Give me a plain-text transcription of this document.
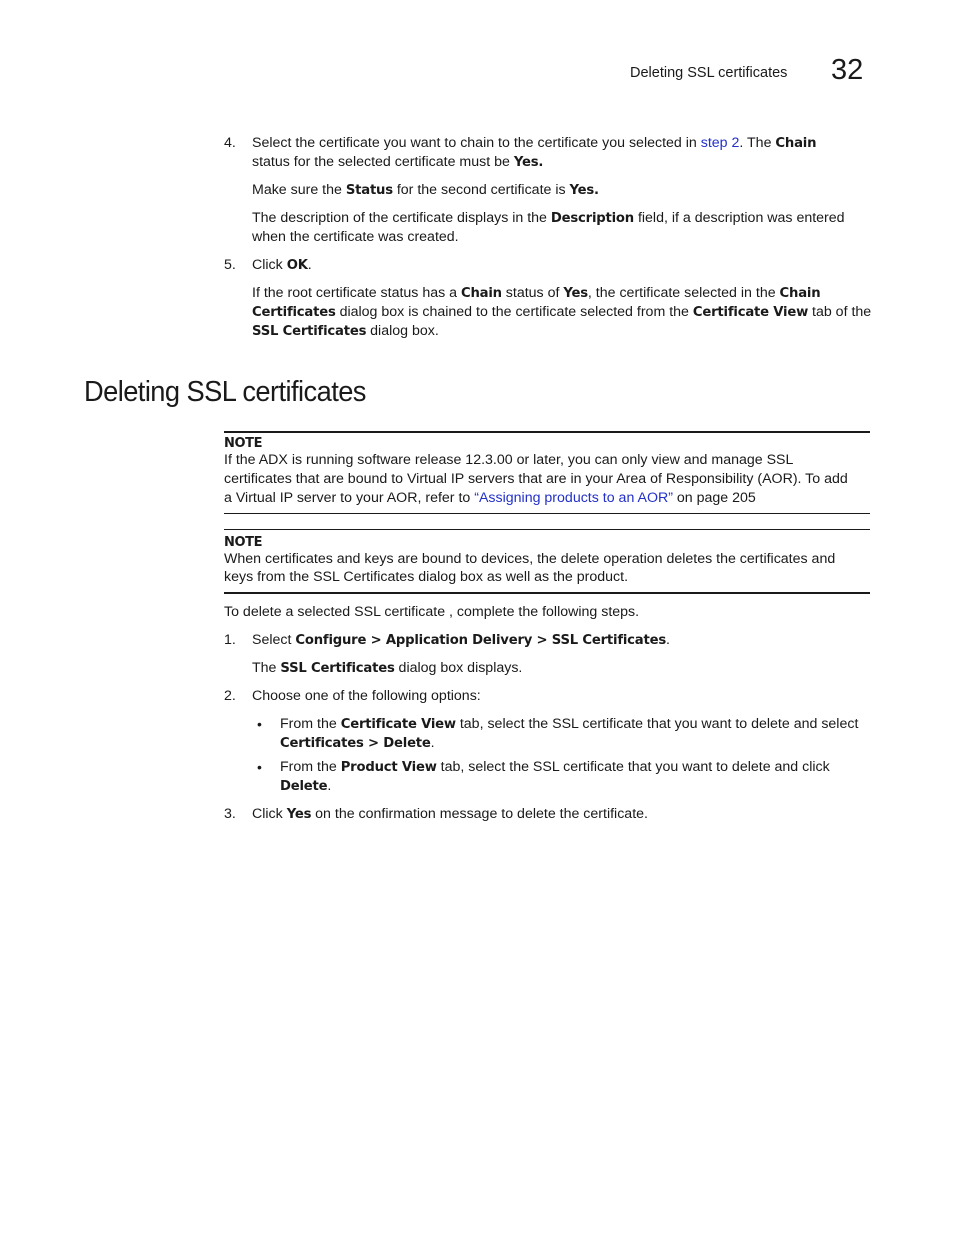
Deleting SSL certificates 32
4. Select the certificate you want to chain to the certificate you selected in step 2. The Chain
status for the selected certificate must be Yes.
Make sure the Status for the second certificate is Yes.
The description of the certificate displays in the Description field, if a description was entered
when the certificate was created.
5. Click OK.
If the root certificate status has a Chain status of Yes, the certificate selected in the Chain
Certificates dialog box is chained to the certificate selected from the Certificate View tab of the
SSL Certificates dialog box.
Deleting SSL certificates
NOTE
If the ADX is running software release 12.3.00 or later, you can only view and manage SSL
certificates that are bound to Virtual IP servers that are in your Area of Responsibility (AOR). To add
a Virtual IP server to your AOR, refer to “Assigning products to an AOR” on page 205
NOTE
When certificates and keys are bound to devices, the delete operation deletes the certificates and
keys from the SSL Certificates dialog box as well as the product.
To delete a selected SSL certificate , complete the following steps.
1. Select Configure > Application Delivery > SSL Certificates.
The SSL Certificates dialog box displays.
2. Choose one of the following options:
• From the Certificate View tab, select the SSL certificate that you want to delete and select
Certificates > Delete.
• From the Product View tab, select the SSL certificate that you want to delete and click
Delete.
3. Click Yes on the confirmation message to delete the certificate.
